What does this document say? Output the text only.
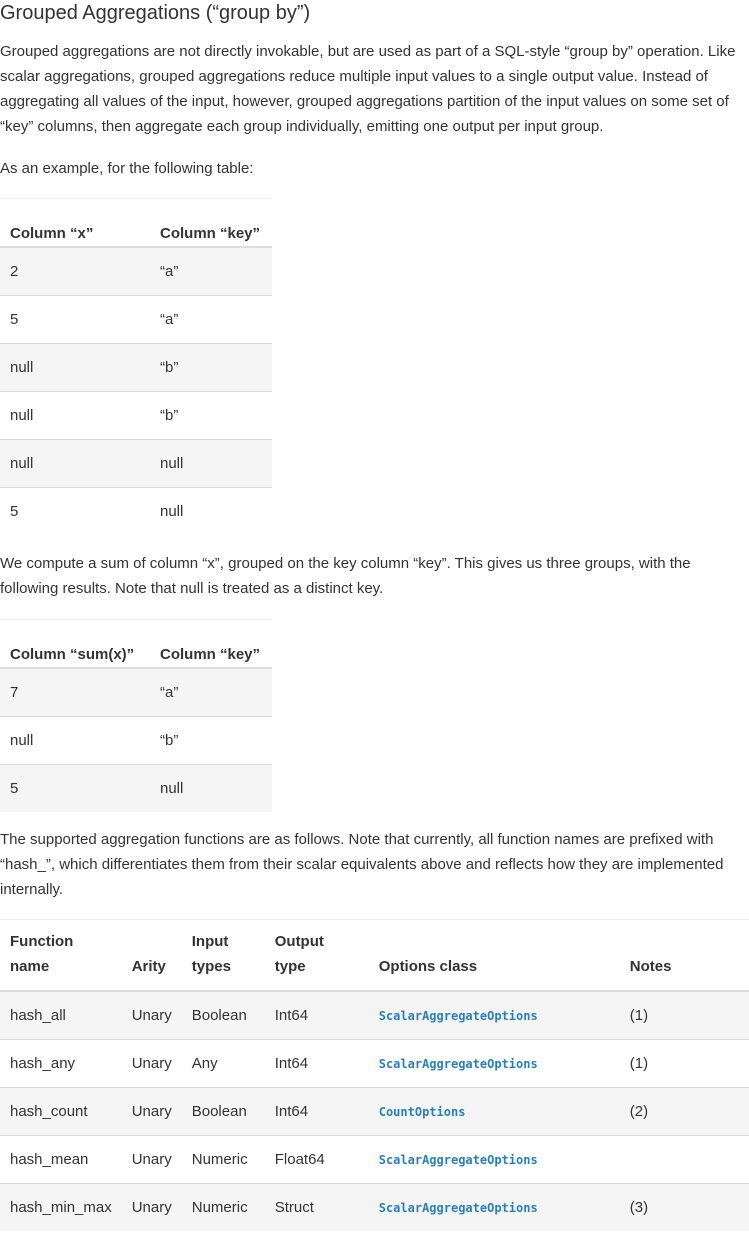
Grouped Aggregations (“group by”)

Grouped aggregations are not directly invokable, but are used as part of a SQL-style “group by” operation. Like scalar aggregations, grouped aggregations reduce multiple input values to a single output value. Instead of aggregating all values of the input, however, grouped aggregations partition of the input values on some set of “key” columns, then aggregate each group individually, emitting one output per input group.

As an example, for the following table:

Column “x”	Column “key”
2	“a”
5	“a”
null	“b”
null	“b”
null	null
5	null

We compute a sum of column “x”, grouped on the key column “key”. This gives us three groups, with the following results. Note that null is treated as a distinct key.

Column “sum(x)”	Column “key”
7	“a”
null	“b”
5	null

The supported aggregation functions are as follows. Note that currently, all function names are prefixed with “hash_”, which differentiates them from their scalar equivalents above and reflects how they are implemented internally.

Function name	Arity	Input types	Output type	Options class	Notes
hash_all	Unary	Boolean	Int64	ScalarAggregateOptions	(1)
hash_any	Unary	Any	Int64	ScalarAggregateOptions	(1)
hash_count	Unary	Boolean	Int64	CountOptions	(2)
hash_mean	Unary	Numeric	Float64	ScalarAggregateOptions	
hash_min_max	Unary	Numeric	Struct	ScalarAggregateOptions	(3)
